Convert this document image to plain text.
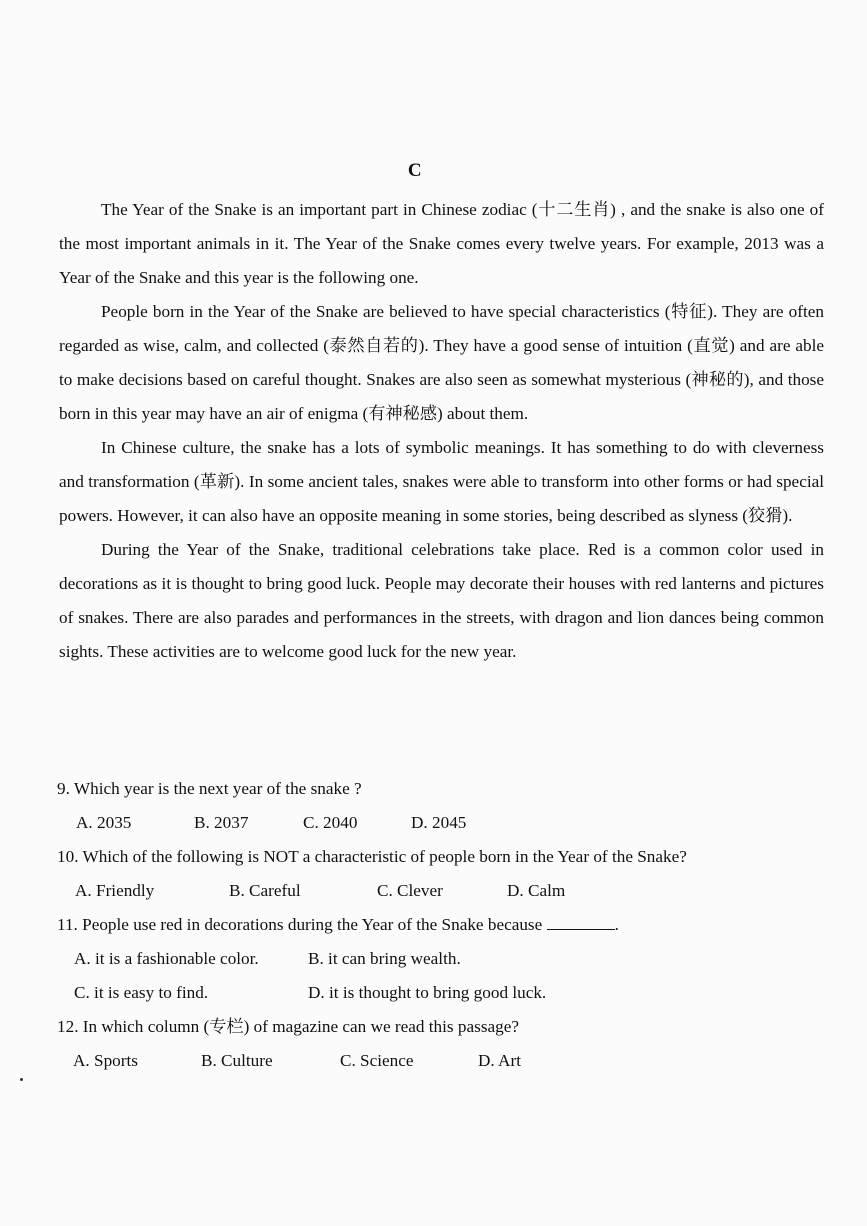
C

The Year of the Snake is an important part in Chinese zodiac (十二生肖) , and the snake is also one of the most important animals in it. The Year of the Snake comes every twelve years. For example, 2013 was a Year of the Snake and this year is the following one.

People born in the Year of the Snake are believed to have special characteristics (特征). They are often regarded as wise, calm, and collected (泰然自若的). They have a good sense of intuition (直觉) and are able to make decisions based on careful thought. Snakes are also seen as somewhat mysterious (神秘的), and those born in this year may have an air of enigma (有神秘感) about them.

In Chinese culture, the snake has a lots of symbolic meanings. It has something to do with cleverness and transformation (革新). In some ancient tales, snakes were able to transform into other forms or had special powers. However, it can also have an opposite meaning in some stories, being described as slyness (狡猾).

During the Year of the Snake, traditional celebrations take place. Red is a common color used in decorations as it is thought to bring good luck. People may decorate their houses with red lanterns and pictures of snakes. There are also parades and performances in the streets, with dragon and lion dances being common sights. These activities are to welcome good luck for the new year.

9. Which year is the next year of the snake ?
A. 2035	B. 2037	C. 2040	D. 2045
10. Which of the following is NOT a characteristic of people born in the Year of the Snake?
A. Friendly	B. Careful	C. Clever	D. Calm
11. People use red in decorations during the Year of the Snake because	.
A. it is a fashionable color.	B. it can bring wealth.
C. it is easy to find.	D. it is thought to bring good luck.
12. In which column (专栏) of magazine can we read this passage?
A. Sports	B. Culture	C. Science	D. Art
